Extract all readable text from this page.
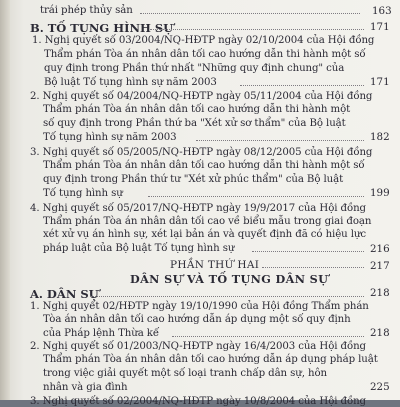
trái phép thủy sản	163
B. TỐ TỤNG HÌNH SỰ	171
1. Nghị quyết số 03/2004/NQ-HĐTP ngày 02/10/2004 của Hội đồng
Thẩm phán Tòa án nhân dân tối cao hướng dẫn thi hành một số
quy định trong Phần thứ nhất "Những quy định chung" của
Bộ luật Tố tụng hình sự năm 2003	171
2. Nghị quyết số 04/2004/NQ-HĐTP ngày 05/11/2004 của Hội đồng
Thẩm phán Tòa án nhân dân tối cao hướng dẫn thi hành một
số quy định trong Phần thứ ba "Xét xử sơ thẩm" của Bộ luật
Tố tụng hình sự năm 2003	182
3. Nghị quyết số 05/2005/NQ-HĐTP ngày 08/12/2005 của Hội đồng
Thẩm phán Tòa án nhân dân tối cao hướng dẫn thi hành một số
quy định trong Phần thứ tư "Xét xử phúc thẩm" của Bộ luật
Tố tụng hình sự	199
4. Nghị quyết số 05/2017/NQ-HĐTP ngày 19/9/2017 của Hội đồng
Thẩm phán Tòa án nhân dân tối cao về biểu mẫu trong giai đoạn
xét xử vụ án hình sự, xét lại bản án và quyết định đã có hiệu lực
pháp luật của Bộ luật Tố tụng hình sự	216
PHẦN THỨ HAI	217
DÂN SỰ VÀ TỐ TỤNG DÂN SỰ
A. DÂN SỰ	218
1. Nghị quyết 02/HĐTP ngày 19/10/1990 của Hội đồng Thẩm phán
Tòa án nhân dân tối cao hướng dẫn áp dụng một số quy định
của Pháp lệnh Thừa kế	218
2. Nghị quyết số 01/2003/NQ-HĐTP ngày 16/4/2003 của Hội đồng
Thẩm phán Tòa án nhân dân tối cao hướng dẫn áp dụng pháp luật
trong việc giải quyết một số loại tranh chấp dân sự, hôn
nhân và gia đình	225
3. Nghị quyết số 02/2004/NQ-HĐTP ngày 10/8/2004 của Hội đồng
